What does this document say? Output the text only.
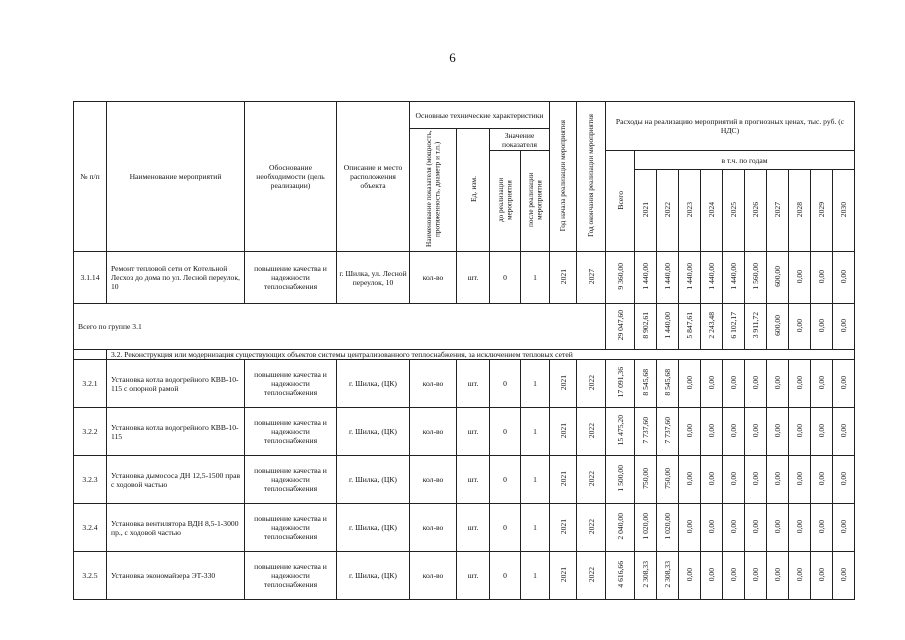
6
№ п/п	Наименование мероприятий	Обоснование необходимости (цель реализации)	Описание и место расположения объекта	Основные технические характеристики				Год начала реализации мероприятия	Год окончания реализации мероприятия	Расходы на реализацию мероприятий в прогнозных ценах, тыс. руб. (с НДС)										
				Наименование показателя (мощность, протяженность, диаметр и т.п.)	Ед. изм.	Значение показателя														
						до реализации мероприятия	после реализации мероприятия			Всего	в т.ч. по годам									
											2021	2022	2023	2024	2025	2026	2027	2028	2029	2030
3.1.14	Ремонт тепловой сети от Котельной Лесхоз до дома по ул. Лесной переулок, 10	повышение качества и надежности теплоснабжения	г. Шилка, ул. Лесной переулок, 10	кол-во	шт.	0	1	2021	2027	9 360,00	1 440,00	1 440,00	1 440,00	1 440,00	1 440,00	1 560,00	600,00	0,00	0,00	0,00
Всего по группе 3.1										29 047,60	8 902,61	1 440,00	5 847,61	2 243,48	6 102,17	3 911,72	600,00	0,00	0,00	0,00
	3.2. Реконструкция или модернизация существующих объектов системы централизованного теплоснабжения, за исключением тепловых сетей																			
3.2.1	Установка котла водогрейного КВВ-10-115 с опорной рамой	повышение качества и надежности теплоснабжения	г. Шилка, (ЦК)	кол-во	шт.	0	1	2021	2022	17 091,36	8 545,68	8 545,68	0,00	0,00	0,00	0,00	0,00	0,00	0,00	0,00
3.2.2	Установка котла водогрейного КВВ-10-115	повышение качества и надежности теплоснабжения	г. Шилка, (ЦК)	кол-во	шт.	0	1	2021	2022	15 475,20	7 737,60	7 737,60	0,00	0,00	0,00	0,00	0,00	0,00	0,00	0,00
3.2.3	Установка дымососа ДН 12,5-1500 прав с ходовой частью	повышение качества и надежности теплоснабжения	г. Шилка, (ЦК)	кол-во	шт.	0	1	2021	2022	1 500,00	750,00	750,00	0,00	0,00	0,00	0,00	0,00	0,00	0,00	0,00
3.2.4	Установка вентилятора ВДН 8,5-1-3000 пр., с ходовой частью	повышение качества и надежности теплоснабжения	г. Шилка, (ЦК)	кол-во	шт.	0	1	2021	2022	2 040,00	1 020,00	1 020,00	0,00	0,00	0,00	0,00	0,00	0,00	0,00	0,00
3.2.5	Установка экономайзера ЭТ-330	повышение качества и надежности теплоснабжения	г. Шилка, (ЦК)	кол-во	шт.	0	1	2021	2022	4 616,66	2 308,33	2 308,33	0,00	0,00	0,00	0,00	0,00	0,00	0,00	0,00
